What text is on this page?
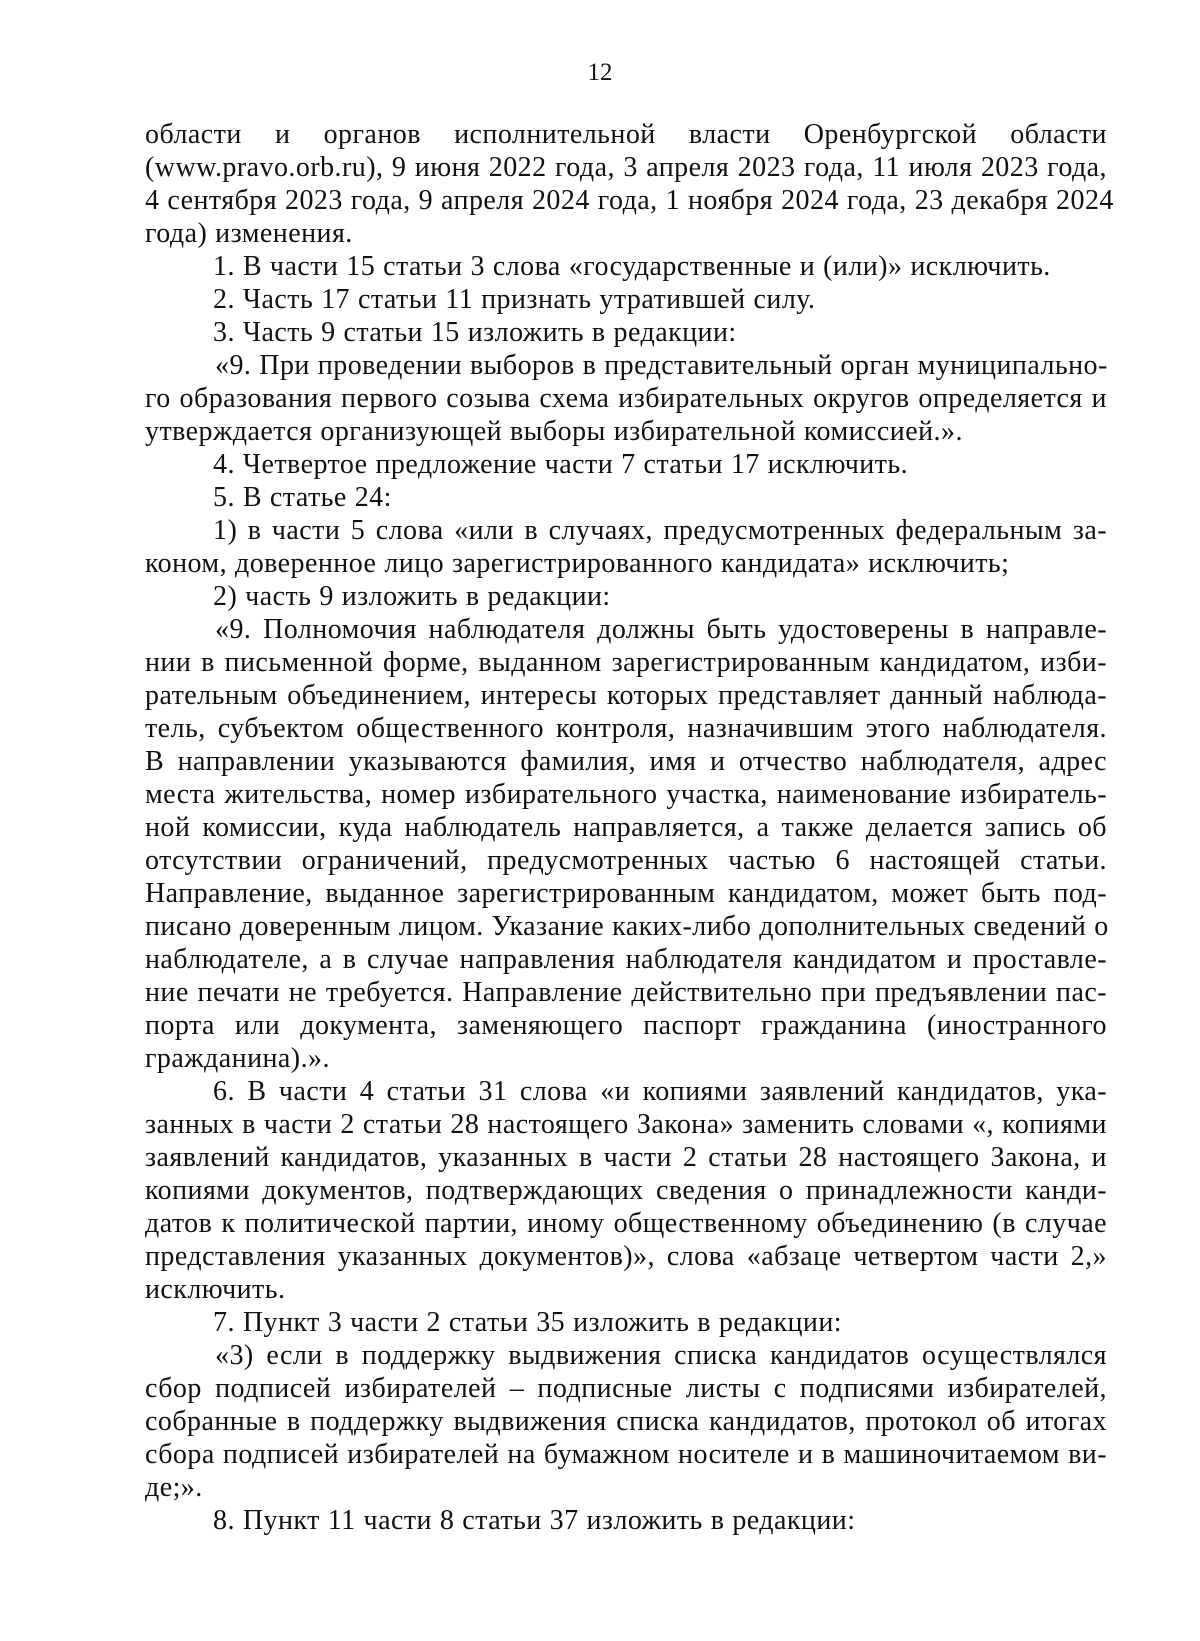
12
области и органов исполнительной власти Оренбургской области
(www.pravo.orb.ru), 9 июня 2022 года, 3 апреля 2023 года, 11 июля 2023 года,
4 сентября 2023 года, 9 апреля 2024 года, 1 ноября 2024 года, 23 декабря 2024
года) изменения.
1. В части 15 статьи 3 слова «государственные и (или)» исключить.
2. Часть 17 статьи 11 признать утратившей силу.
3. Часть 9 статьи 15 изложить в редакции:
«9. При проведении выборов в представительный орган муниципально-
го образования первого созыва схема избирательных округов определяется и
утверждается организующей выборы избирательной комиссией.».
4. Четвертое предложение части 7 статьи 17 исключить.
5. В статье 24:
1) в части 5 слова «или в случаях, предусмотренных федеральным за-
коном, доверенное лицо зарегистрированного кандидата» исключить;
2) часть 9 изложить в редакции:
«9. Полномочия наблюдателя должны быть удостоверены в направле-
нии в письменной форме, выданном зарегистрированным кандидатом, изби-
рательным объединением, интересы которых представляет данный наблюда-
тель, субъектом общественного контроля, назначившим этого наблюдателя.
В направлении указываются фамилия, имя и отчество наблюдателя, адрес
места жительства, номер избирательного участка, наименование избиратель-
ной комиссии, куда наблюдатель направляется, а также делается запись об
отсутствии ограничений, предусмотренных частью 6 настоящей статьи.
Направление, выданное зарегистрированным кандидатом, может быть под-
писано доверенным лицом. Указание каких-либо дополнительных сведений о
наблюдателе, а в случае направления наблюдателя кандидатом и проставле-
ние печати не требуется. Направление действительно при предъявлении пас-
порта или документа, заменяющего паспорт гражданина (иностранного
гражданина).».
6. В части 4 статьи 31 слова «и копиями заявлений кандидатов, ука-
занных в части 2 статьи 28 настоящего Закона» заменить словами «, копиями
заявлений кандидатов, указанных в части 2 статьи 28 настоящего Закона, и
копиями документов, подтверждающих сведения о принадлежности канди-
датов к политической партии, иному общественному объединению (в случае
представления указанных документов)», слова «абзаце четвертом части 2,»
исключить.
7. Пункт 3 части 2 статьи 35 изложить в редакции:
«3) если в поддержку выдвижения списка кандидатов осуществлялся
сбор подписей избирателей – подписные листы с подписями избирателей,
собранные в поддержку выдвижения списка кандидатов, протокол об итогах
сбора подписей избирателей на бумажном носителе и в машиночитаемом ви-
де;».
8. Пункт 11 части 8 статьи 37 изложить в редакции:
